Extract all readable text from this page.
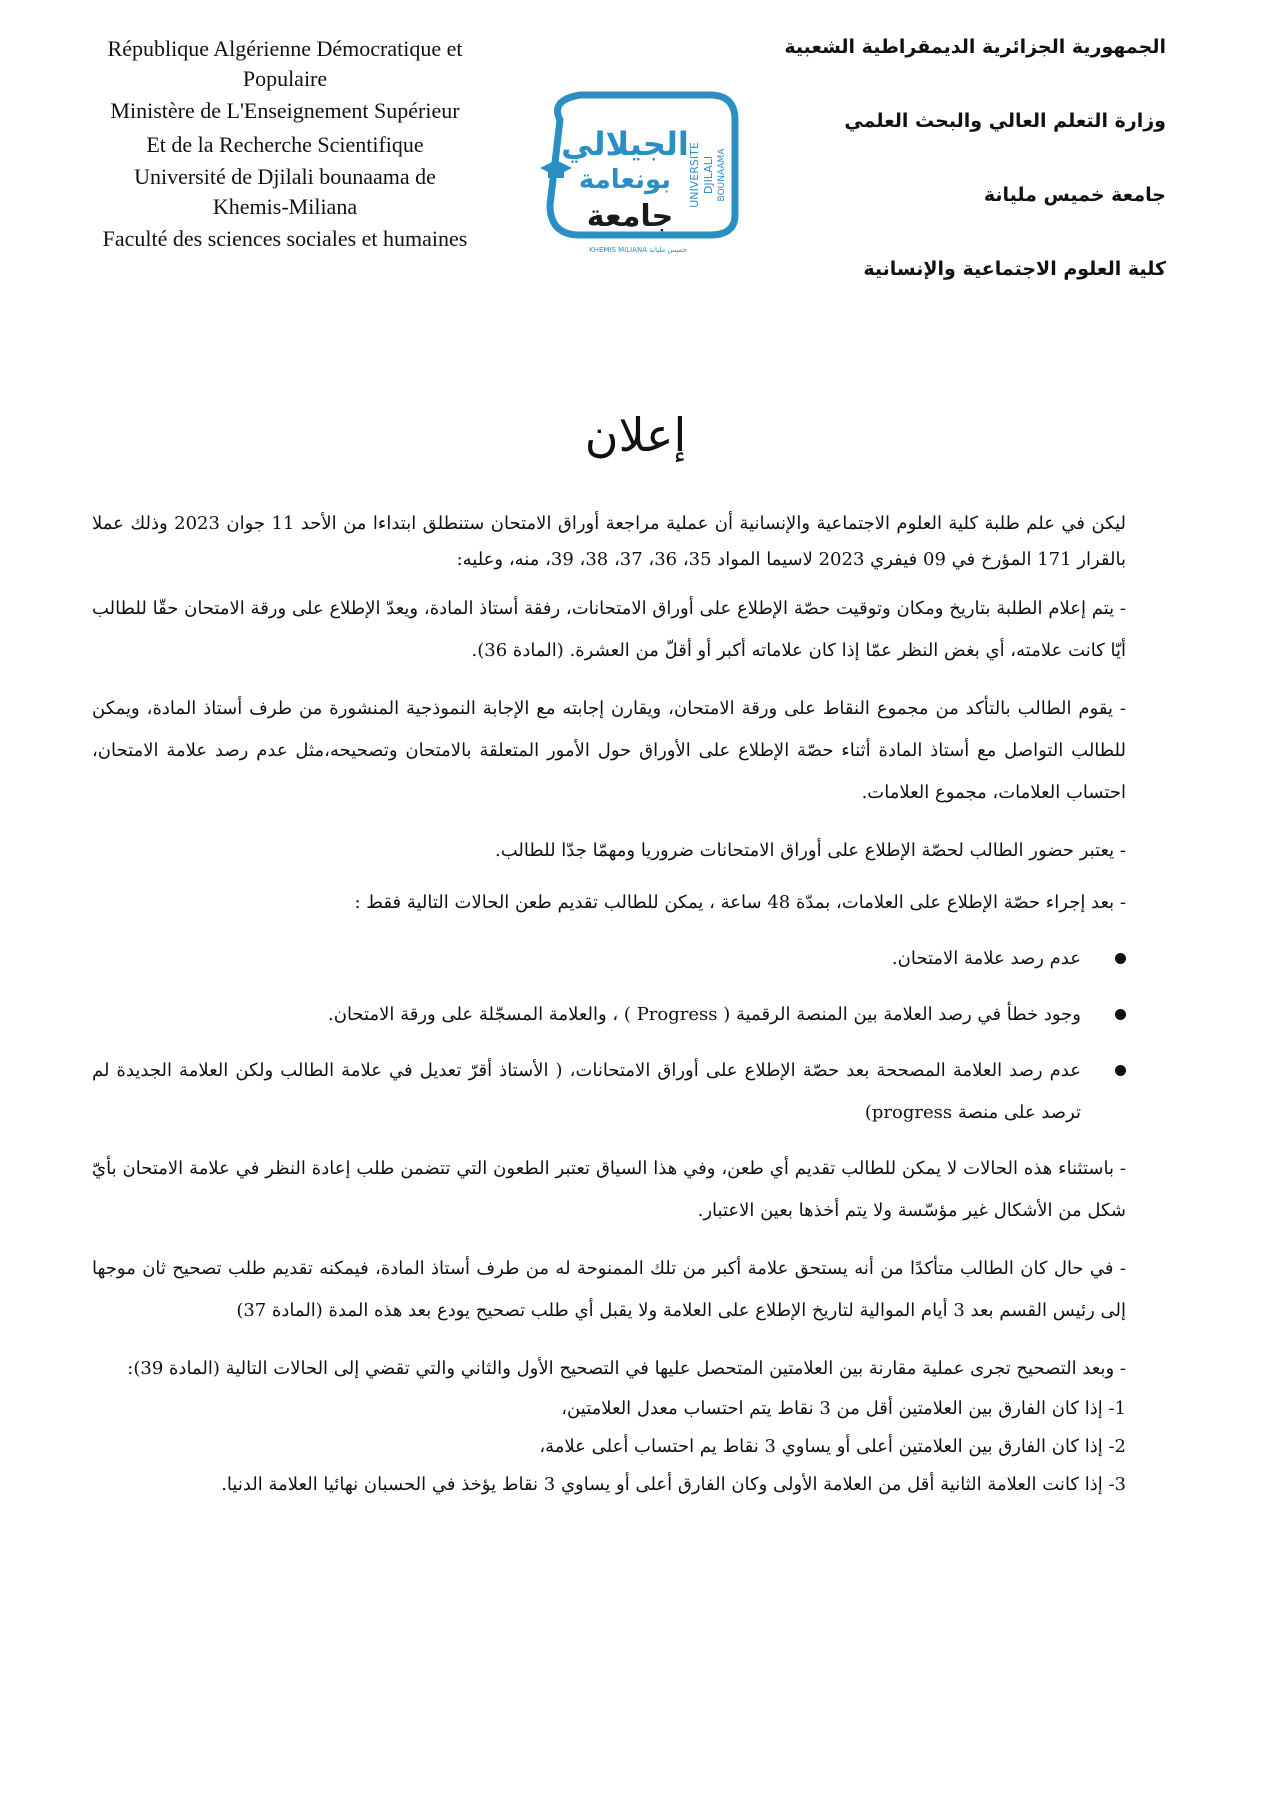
République Algérienne Démocratique et
Populaire
Ministère de L'Enseignement Supérieur
Et de la Recherche Scientifique
Université de Djilali bounaama de
Khemis-Miliana
Faculté des sciences sociales et humaines
الجيلالي
بونعامة
جامعة
UNIVERSITE DJILALI BOUNAAMA
KHEMIS MILIANA خميس مليانة
الجمهورية الجزائرية الديمقراطية الشعبية
وزارة التعلم العالي والبحث العلمي
جامعة خميس مليانة
كلية العلوم الاجتماعية والإنسانية
إعلان

ليكن في علم طلبة كلية العلوم الاجتماعية والإنسانية أن عملية مراجعة أوراق الامتحان ستنطلق ابتداءا من الأحد 11 جوان 2023 وذلك عملا بالقرار 171 المؤرخ في 09 فيفري 2023 لاسيما المواد 35، 36، 37، 38، 39، منه، وعليه:

- يتم إعلام الطلبة بتاريخ ومكان وتوقيت حصّة الإطلاع على أوراق الامتحانات، رفقة أستاذ المادة، ويعدّ الإطلاع على ورقة الامتحان حقّا للطالب أيّا كانت علامته، أي بغض النظر عمّا إذا كان علاماته أكبر أو أقلّ من العشرة. (المادة 36).

- يقوم الطالب بالتأكد من مجموع النقاط على ورقة الامتحان، ويقارن إجابته مع الإجابة النموذجية المنشورة من طرف أستاذ المادة، ويمكن للطالب التواصل مع أستاذ المادة أثناء حصّة الإطلاع على الأوراق حول الأمور المتعلقة بالامتحان وتصحيحه،مثل عدم رصد علامة الامتحان، احتساب العلامات، مجموع العلامات.

- يعتبر حضور الطالب لحصّة الإطلاع على أوراق الامتحانات ضروريا ومهمّا جدّا للطالب.

- بعد إجراء حصّة الإطلاع على العلامات، بمدّة 48 ساعة ، يمكن للطالب تقديم طعن الحالات التالية فقط :

عدم رصد علامة الامتحان.
وجود خطأ في رصد العلامة بين المنصة الرقمية ( Progress ) ، والعلامة المسجّلة على ورقة الامتحان.
عدم رصد العلامة المصححة بعد حصّة الإطلاع على أوراق الامتحانات، ( الأستاذ أقرّ تعديل في علامة الطالب ولكن العلامة الجديدة لم ترصد على منصة progress)

- باستثناء هذه الحالات لا يمكن للطالب تقديم أي طعن، وفي هذا السياق تعتبر الطعون التي تتضمن طلب إعادة النظر في علامة الامتحان بأيّ شكل من الأشكال غير مؤسّسة ولا يتم أخذها بعين الاعتبار.

- في حال كان الطالب متأكدًا من أنه يستحق علامة أكبر من تلك الممنوحة له من طرف أستاذ المادة، فيمكنه تقديم طلب تصحيح ثان موجها إلى رئيس القسم بعد 3 أيام الموالية لتاريخ الإطلاع على العلامة ولا يقبل أي طلب تصحيح يودع بعد هذه المدة (المادة 37)

- وبعد التصحيح تجرى عملية مقارنة بين العلامتين المتحصل عليها في التصحيح الأول والثاني والتي تقضي إلى الحالات التالية (المادة 39):

1- إذا كان الفارق بين العلامتين أقل من 3 نقاط يتم احتساب معدل العلامتين،

2- إذا كان الفارق بين العلامتين أعلى أو يساوي 3 نقاط يم احتساب أعلى علامة،

3- إذا كانت العلامة الثانية أقل من العلامة الأولى وكان الفارق أعلى أو يساوي 3 نقاط يؤخذ في الحسبان نهائيا العلامة الدنيا.
